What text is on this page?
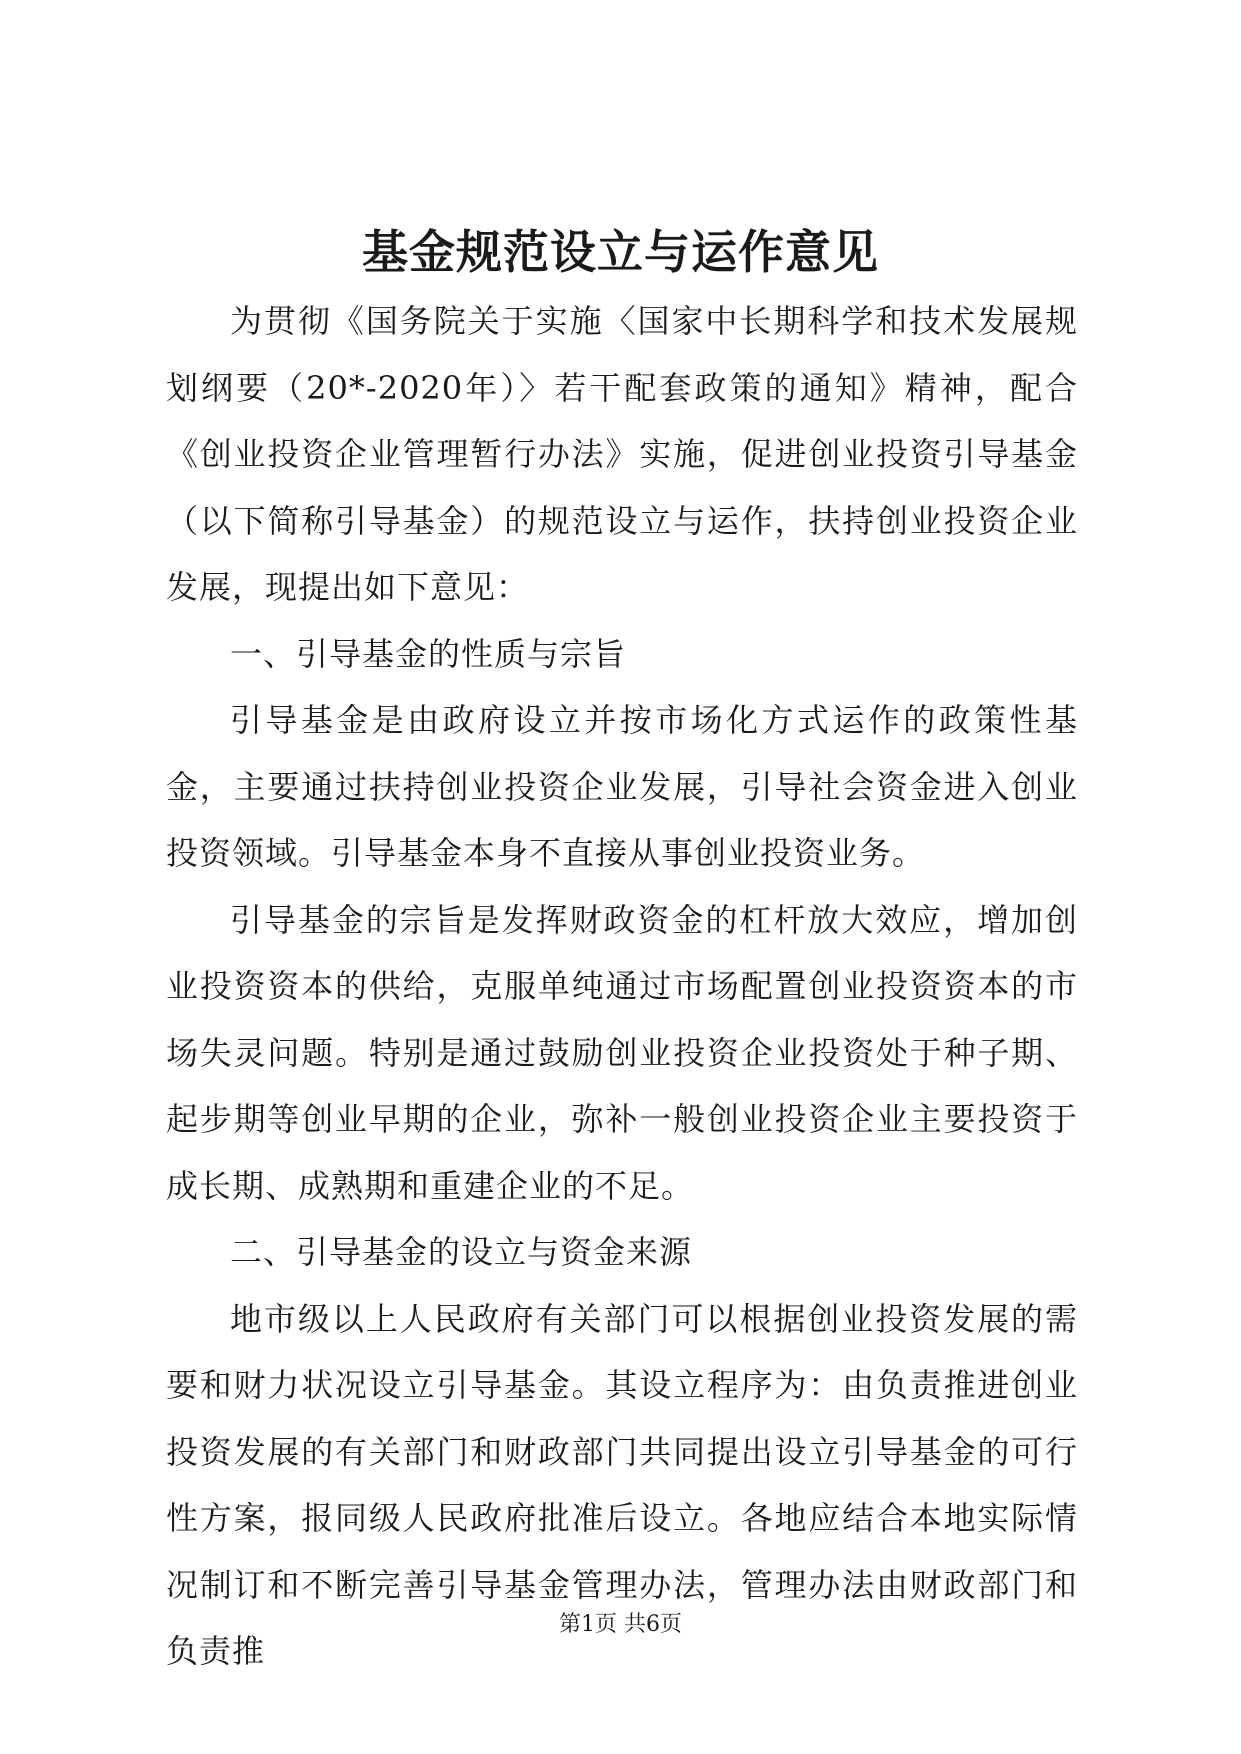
基金规范设立与运作意见

为贯彻《国务院关于实施〈国家中长期科学和技术发展规划纲要（20*-2020年）〉若干配套政策的通知》精神，配合《创业投资企业管理暂行办法》实施，促进创业投资引导基金（以下简称引导基金）的规范设立与运作，扶持创业投资企业发展，现提出如下意见：

一、引导基金的性质与宗旨

引导基金是由政府设立并按市场化方式运作的政策性基金，主要通过扶持创业投资企业发展，引导社会资金进入创业投资领域。引导基金本身不直接从事创业投资业务。

引导基金的宗旨是发挥财政资金的杠杆放大效应，增加创业投资资本的供给，克服单纯通过市场配置创业投资资本的市场失灵问题。特别是通过鼓励创业投资企业投资处于种子期、起步期等创业早期的企业，弥补一般创业投资企业主要投资于成长期、成熟期和重建企业的不足。

二、引导基金的设立与资金来源

地市级以上人民政府有关部门可以根据创业投资发展的需要和财力状况设立引导基金。其设立程序为：由负责推进创业投资发展的有关部门和财政部门共同提出设立引导基金的可行性方案，报同级人民政府批准后设立。各地应结合本地实际情况制订和不断完善引导基金管理办法，管理办法由财政部门和负责推

第1页 共6页
